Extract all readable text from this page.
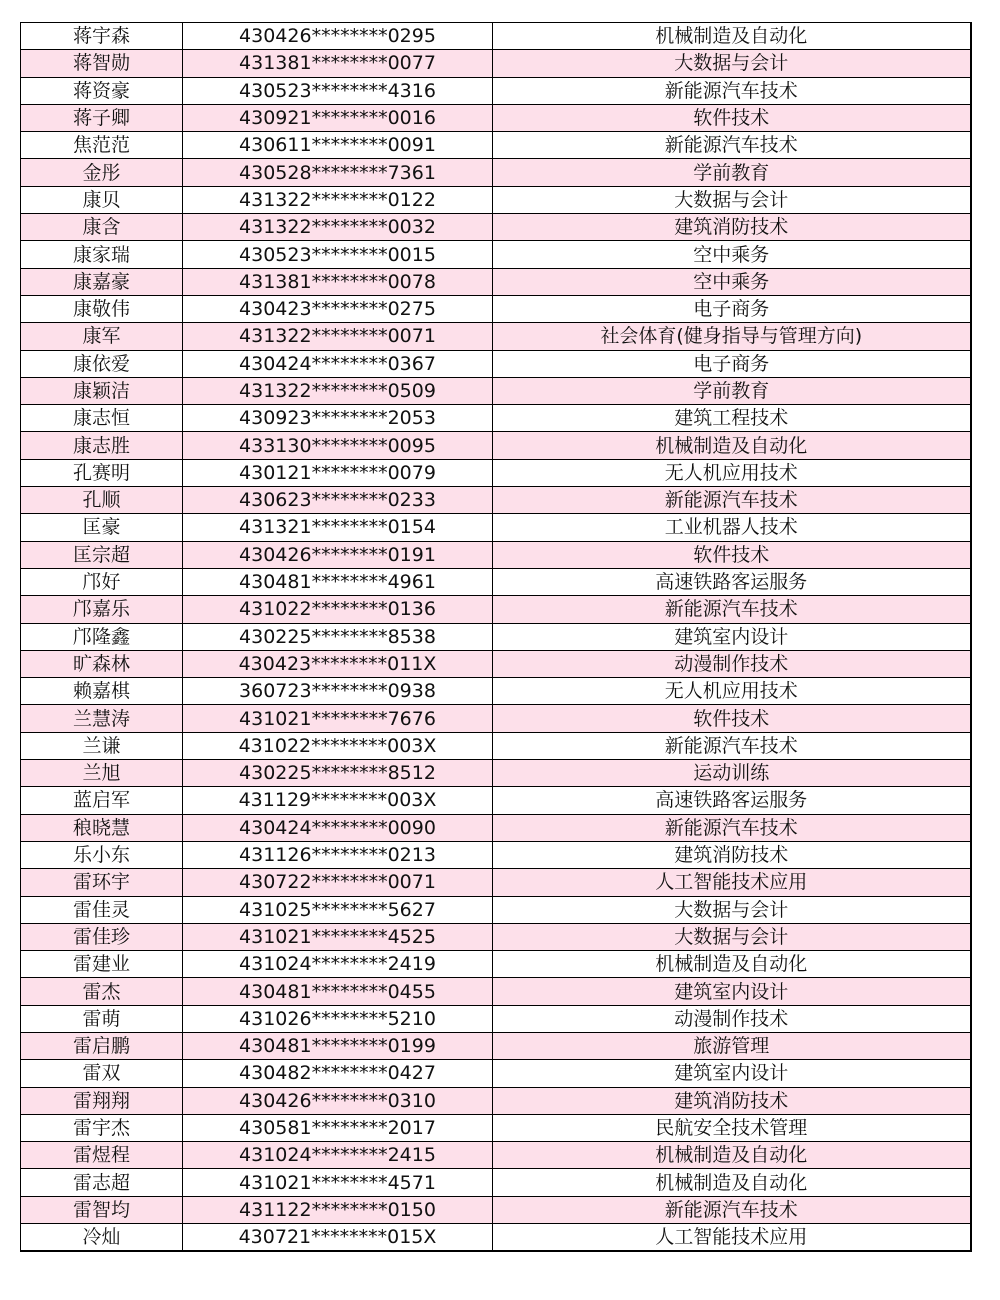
蒋宇森	430426********0295	机械制造及自动化
蒋智勋	431381********0077	大数据与会计
蒋资豪	430523********4316	新能源汽车技术
蒋子卿	430921********0016	软件技术
焦范范	430611********0091	新能源汽车技术
金彤	430528********7361	学前教育
康贝	431322********0122	大数据与会计
康含	431322********0032	建筑消防技术
康家瑞	430523********0015	空中乘务
康嘉豪	431381********0078	空中乘务
康敬伟	430423********0275	电子商务
康军	431322********0071	社会体育(健身指导与管理方向)
康依爱	430424********0367	电子商务
康颖洁	431322********0509	学前教育
康志恒	430923********2053	建筑工程技术
康志胜	433130********0095	机械制造及自动化
孔赛明	430121********0079	无人机应用技术
孔顺	430623********0233	新能源汽车技术
匡豪	431321********0154	工业机器人技术
匡宗超	430426********0191	软件技术
邝好	430481********4961	高速铁路客运服务
邝嘉乐	431022********0136	新能源汽车技术
邝隆鑫	430225********8538	建筑室内设计
旷森林	430423********011X	动漫制作技术
赖嘉棋	360723********0938	无人机应用技术
兰慧涛	431021********7676	软件技术
兰谦	431022********003X	新能源汽车技术
兰旭	430225********8512	运动训练
蓝启军	431129********003X	高速铁路客运服务
稂晓慧	430424********0090	新能源汽车技术
乐小东	431126********0213	建筑消防技术
雷环宇	430722********0071	人工智能技术应用
雷佳灵	431025********5627	大数据与会计
雷佳珍	431021********4525	大数据与会计
雷建业	431024********2419	机械制造及自动化
雷杰	430481********0455	建筑室内设计
雷萌	431026********5210	动漫制作技术
雷启鹏	430481********0199	旅游管理
雷双	430482********0427	建筑室内设计
雷翔翔	430426********0310	建筑消防技术
雷宇杰	430581********2017	民航安全技术管理
雷煜程	431024********2415	机械制造及自动化
雷志超	431021********4571	机械制造及自动化
雷智均	431122********0150	新能源汽车技术
冷灿	430721********015X	人工智能技术应用
